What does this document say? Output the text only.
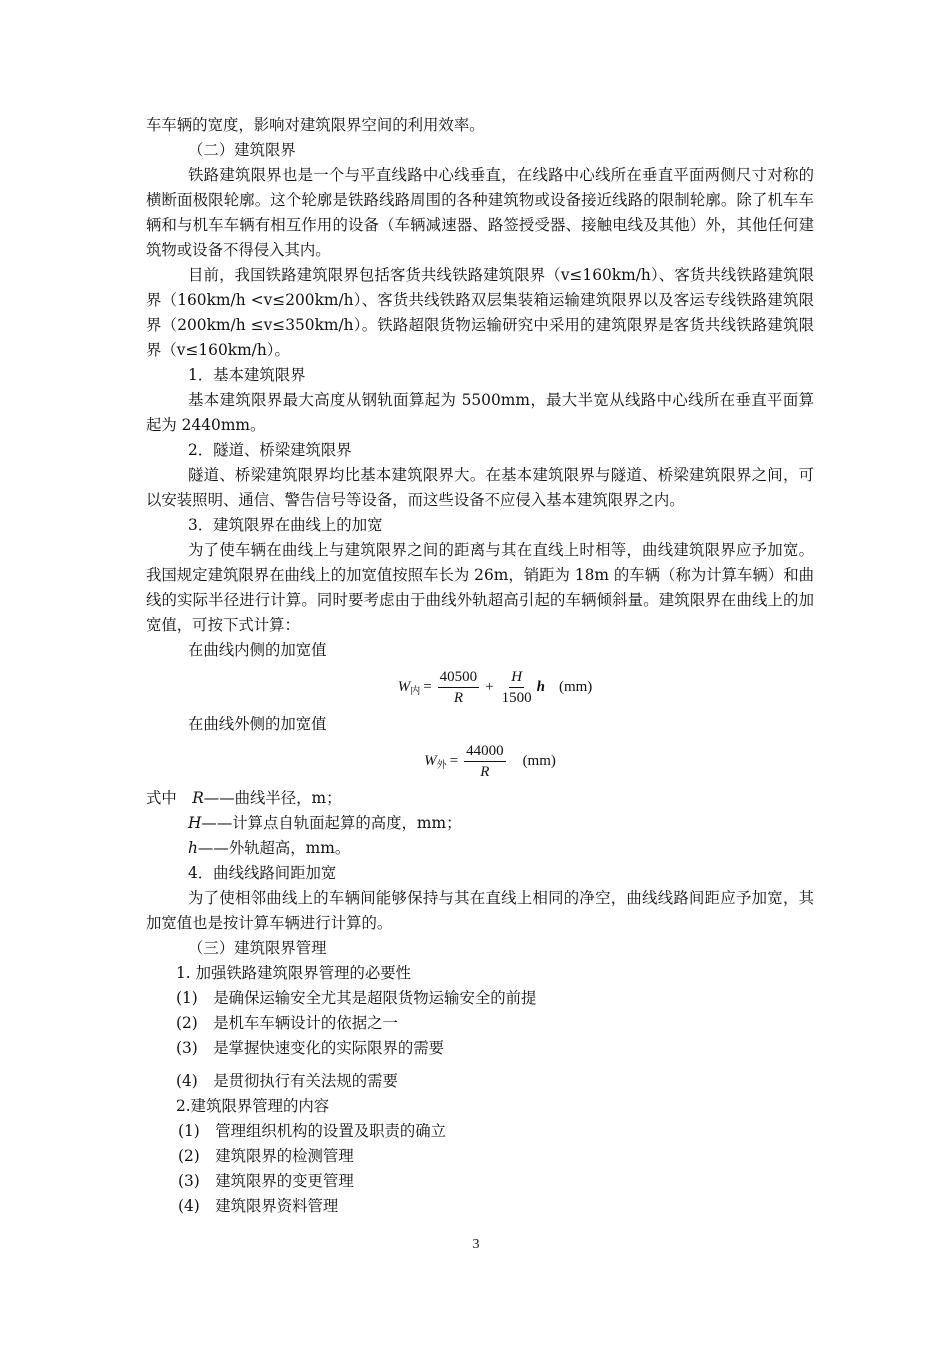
车车辆的宽度，影响对建筑限界空间的利用效率。

（二）建筑限界

铁路建筑限界也是一个与平直线路中心线垂直，在线路中心线所在垂直平面两侧尺寸对称的横断面极限轮廓。这个轮廓是铁路线路周围的各种建筑物或设备接近线路的限制轮廓。除了机车车辆和与机车车辆有相互作用的设备（车辆减速器、路签授受器、接触电线及其他）外，其他任何建筑物或设备不得侵入其内。

目前，我国铁路建筑限界包括客货共线铁路建筑限界（v≤160km/h）、客货共线铁路建筑限界（160km/h <v≤200km/h）、客货共线铁路双层集装箱运输建筑限界以及客运专线铁路建筑限界（200km/h ≤v≤350km/h）。铁路超限货物运输研究中采用的建筑限界是客货共线铁路建筑限界（v≤160km/h）。

1．基本建筑限界

基本建筑限界最大高度从钢轨面算起为 5500mm，最大半宽从线路中心线所在垂直平面算起为 2440mm。

2．隧道、桥梁建筑限界

隧道、桥梁建筑限界均比基本建筑限界大。在基本建筑限界与隧道、桥梁建筑限界之间，可以安装照明、通信、警告信号等设备，而这些设备不应侵入基本建筑限界之内。

3．建筑限界在曲线上的加宽

为了使车辆在曲线上与建筑限界之间的距离与其在直线上时相等，曲线建筑限界应予加宽。我国规定建筑限界在曲线上的加宽值按照车长为 26m，销距为 18m 的车辆（称为计算车辆）和曲线的实际半径进行计算。同时要考虑由于曲线外轨超高引起的车辆倾斜量。建筑限界在曲线上的加宽值，可按下式计算：

在曲线内侧的加宽值

$W_内 = \frac{40500}{R} + \frac{H}{1500}$ h (mm)

在曲线外侧的加宽值

$W_外 = \frac{44000}{R} (mm)$

式中　 R——曲线半径，m；

H——计算点自轨面起算的高度，mm；

h——外轨超高，mm。

4．曲线线路间距加宽

为了使相邻曲线上的车辆间能够保持与其在直线上相同的净空，曲线线路间距应予加宽，其加宽值也是按计算车辆进行计算的。

（三）建筑限界管理

1. 加强铁路建筑限界管理的必要性

(1)　是确保运输安全尤其是超限货物运输安全的前提

(2)　是机车车辆设计的依据之一

(3)　是掌握快速变化的实际限界的需要

(4)　是贯彻执行有关法规的需要

2.建筑限界管理的内容

(1)　管理组织机构的设置及职责的确立

(2)　建筑限界的检测管理

(3)　建筑限界的变更管理

(4)　建筑限界资料管理

3
